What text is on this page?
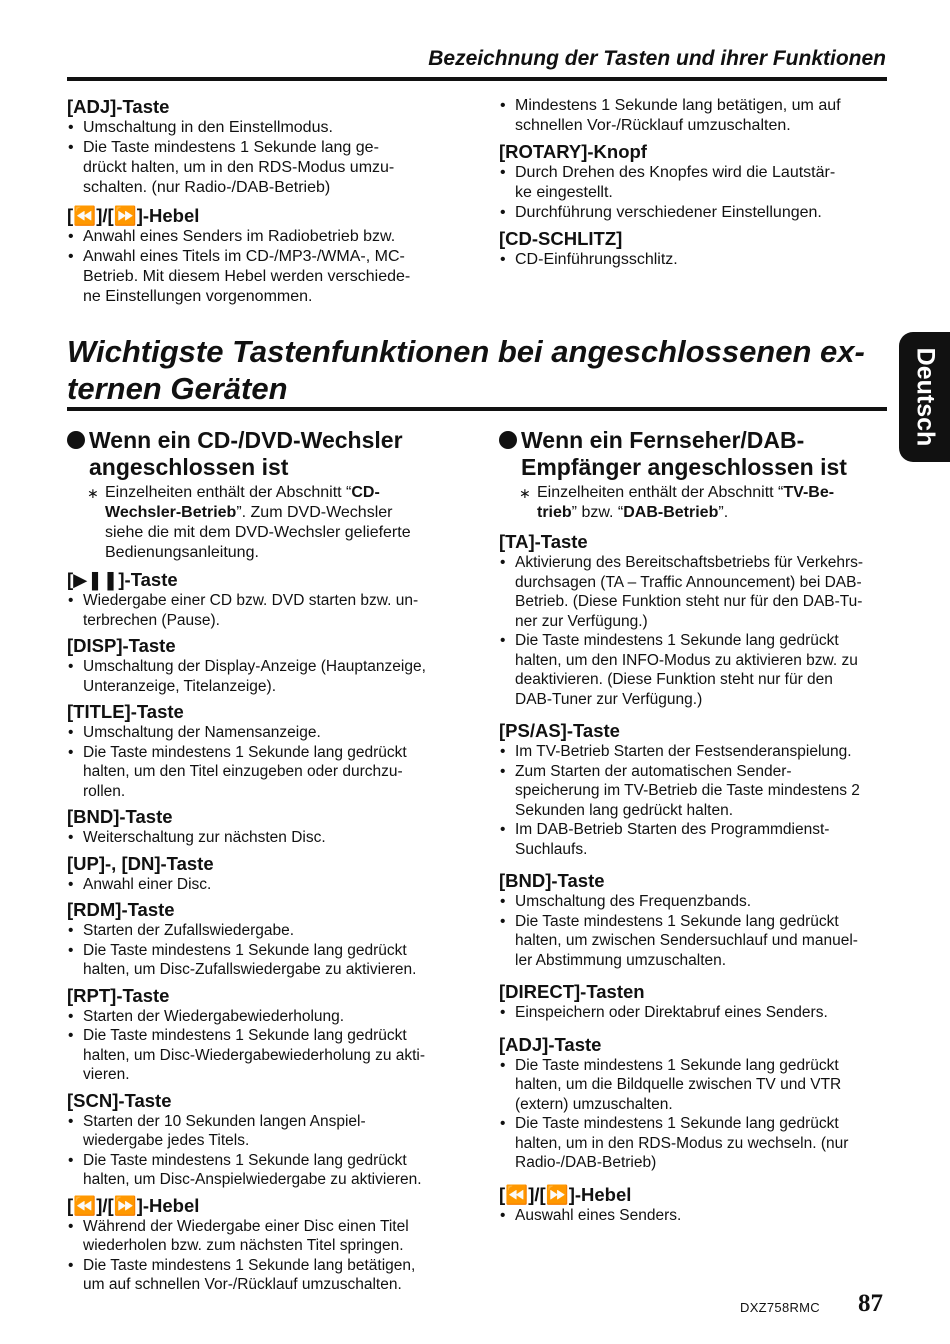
Bezeichnung der Tasten und ihrer Funktionen

[ADJ]-Taste

• Umschaltung in den Einstellmodus.
• Die Taste mindestens 1 Sekunde lang ge-
drückt halten, um in den RDS-Modus umzu-
schalten. (nur Radio-/DAB-Betrieb)

[⏪]/[⏩]-Hebel

• Anwahl eines Senders im Radiobetrieb bzw.
• Anwahl eines Titels im CD-/MP3-/WMA-, MC-
Betrieb. Mit diesem Hebel werden verschiede-
ne Einstellungen vorgenommen.
• Mindestens 1 Sekunde lang betätigen, um auf
schnellen Vor-/Rücklauf umzuschalten.

[ROTARY]-Knopf

• Durch Drehen des Knopfes wird die Lautstär-
ke eingestellt.
• Durchführung verschiedener Einstellungen.

[CD-SCHLITZ]

• CD-Einführungsschlitz.
Wichtigste Tastenfunktionen bei angeschlossenen ex-
ternen Geräten	Deutsch

Wenn ein CD-/DVD-Wechsler
angeschlossen ist

∗ Einzelheiten enthält der Abschnitt “CD-
Wechsler-Betrieb”. Zum DVD-Wechsler
siehe die mit dem DVD-Wechsler gelieferte
Bedienungsanleitung.

[▶❚❚]-Taste

• Wiedergabe einer CD bzw. DVD starten bzw. un-
terbrechen (Pause).

[DISP]-Taste

• Umschaltung der Display-Anzeige (Hauptanzeige,
Unteranzeige, Titelanzeige).

[TITLE]-Taste

• Umschaltung der Namensanzeige.
• Die Taste mindestens 1 Sekunde lang gedrückt
halten, um den Titel einzugeben oder durchzu-
rollen.

[BND]-Taste

• Weiterschaltung zur nächsten Disc.

[UP]-, [DN]-Taste

• Anwahl einer Disc.

[RDM]-Taste

• Starten der Zufallswiedergabe.
• Die Taste mindestens 1 Sekunde lang gedrückt
halten, um Disc-Zufallswiedergabe zu aktivieren.

[RPT]-Taste

• Starten der Wiedergabewiederholung.
• Die Taste mindestens 1 Sekunde lang gedrückt
halten, um Disc-Wiedergabewiederholung zu akti-
vieren.

[SCN]-Taste

• Starten der 10 Sekunden langen Anspiel-
wiedergabe jedes Titels.
• Die Taste mindestens 1 Sekunde lang gedrückt
halten, um Disc-Anspielwiedergabe zu aktivieren.

[⏪]/[⏩]-Hebel

• Während der Wiedergabe einer Disc einen Titel
wiederholen bzw. zum nächsten Titel springen.
• Die Taste mindestens 1 Sekunde lang betätigen,
um auf schnellen Vor-/Rücklauf umzuschalten.

Wenn ein Fernseher/DAB-
Empfänger angeschlossen ist

∗ Einzelheiten enthält der Abschnitt “TV-Be-
trieb” bzw. “DAB-Betrieb”.

[TA]-Taste

• Aktivierung des Bereitschaftsbetriebs für Verkehrs-
durchsagen (TA – Traffic Announcement) bei DAB-
Betrieb. (Diese Funktion steht nur für den DAB-Tu-
ner zur Verfügung.)
• Die Taste mindestens 1 Sekunde lang gedrückt
halten, um den INFO-Modus zu aktivieren bzw. zu
deaktivieren. (Diese Funktion steht nur für den
DAB-Tuner zur Verfügung.)

[PS/AS]-Taste

• Im TV-Betrieb Starten der Festsenderanspielung.
• Zum Starten der automatischen Sender-
speicherung im TV-Betrieb die Taste mindestens 2
Sekunden lang gedrückt halten.
• Im DAB-Betrieb Starten des Programmdienst-
Suchlaufs.

[BND]-Taste

• Umschaltung des Frequenzbands.
• Die Taste mindestens 1 Sekunde lang gedrückt
halten, um zwischen Sendersuchlauf und manuel-
ler Abstimmung umzuschalten.

[DIRECT]-Tasten

• Einspeichern oder Direktabruf eines Senders.

[ADJ]-Taste

• Die Taste mindestens 1 Sekunde lang gedrückt
halten, um die Bildquelle zwischen TV und VTR
(extern) umzuschalten.
• Die Taste mindestens 1 Sekunde lang gedrückt
halten, um in den RDS-Modus zu wechseln. (nur
Radio-/DAB-Betrieb)

[⏪]/[⏩]-Hebel

• Auswahl eines Senders.
DXZ758RMC 87
